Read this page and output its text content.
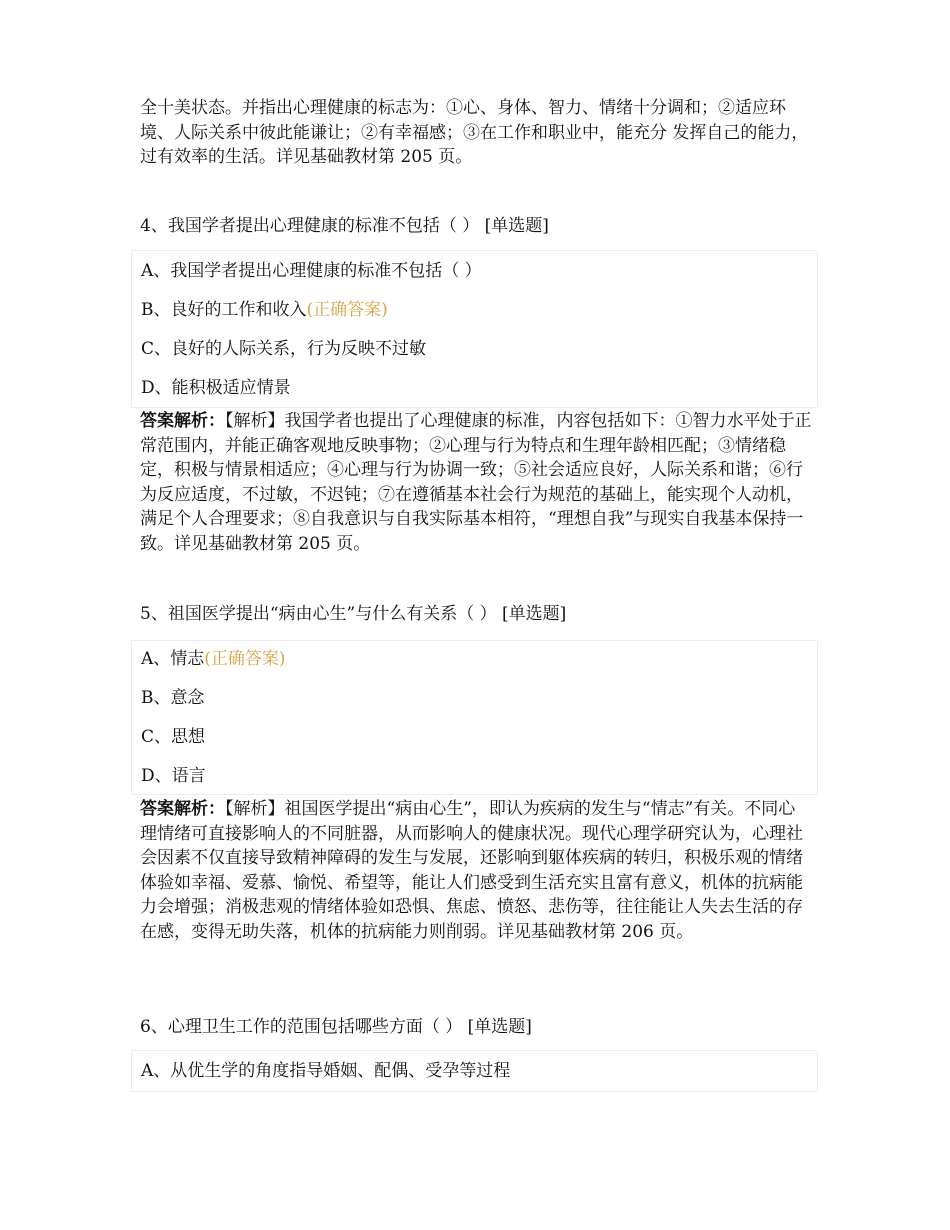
全十美状态。并指出心理健康的标志为：①心、身体、智力、情绪十分调和；②适应环境、人际关系中彼此能谦让；②有幸福感；③在工作和职业中，能充分 发挥自己的能力，过有效率的生活。详见基础教材第 205 页。
4、我国学者提出心理健康的标准不包括（ ） [单选题]
A、我国学者提出心理健康的标准不包括（ ）
B、良好的工作和收入(正确答案)
C、良好的人际关系，行为反映不过敏
D、能积极适应情景
答案解析：【解析】我国学者也提出了心理健康的标准，内容包括如下：①智力水平处于正常范围内，并能正确客观地反映事物；②心理与行为特点和生理年龄相匹配；③情绪稳定，积极与情景相适应；④心理与行为协调一致；⑤社会适应良好，人际关系和谐；⑥行为反应适度，不过敏，不迟钝；⑦在遵循基本社会行为规范的基础上，能实现个人动机，满足个人合理要求；⑧自我意识与自我实际基本相符，“理想自我”与现实自我基本保持一致。详见基础教材第 205 页。
5、祖国医学提出“病由心生”与什么有关系（ ） [单选题]
A、情志(正确答案)
B、意念
C、思想
D、语言
答案解析：【解析】祖国医学提出“病由心生”，即认为疾病的发生与“情志”有关。不同心理情绪可直接影响人的不同脏器，从而影响人的健康状况。现代心理学研究认为，心理社会因素不仅直接导致精神障碍的发生与发展，还影响到躯体疾病的转归，积极乐观的情绪体验如幸福、爱慕、愉悦、希望等，能让人们感受到生活充实且富有意义，机体的抗病能力会增强；消极悲观的情绪体验如恐惧、焦虑、愤怒、悲伤等，往往能让人失去生活的存在感，变得无助失落，机体的抗病能力则削弱。详见基础教材第 206 页。
6、心理卫生工作的范围包括哪些方面（ ） [单选题]
A、从优生学的角度指导婚姻、配偶、受孕等过程
